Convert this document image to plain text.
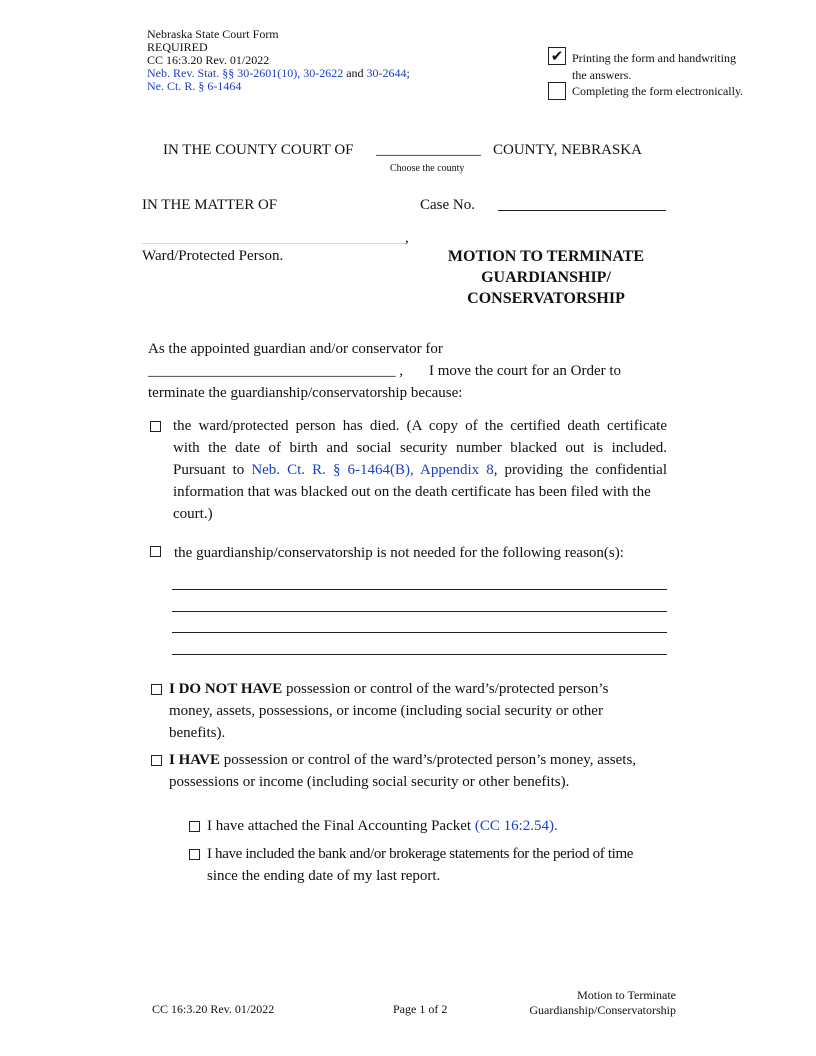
Nebraska State Court Form
REQUIRED
CC 16:3.20 Rev. 01/2022
Neb. Rev. Stat. §§ 30-2601(10), 30-2622 and 30-2644;
Ne. Ct. R. § 6-1464
✔ Printing the form and handwriting
the answers.
Completing the form electronically.
IN THE COUNTY COURT OF ______________ COUNTY, NEBRASKA
Choose the county
IN THE MATTER OF	Case No.
,
Ward/Protected Person.	MOTION TO TERMINATE
GUARDIANSHIP/
CONSERVATORSHIP
As the appointed guardian and/or conservator for
_________________________________ , I move the court for an Order to
terminate the guardianship/conservatorship because:
the ward/protected person has died. (A copy of the certified death certificate
with the date of birth and social security number blacked out is included.
Pursuant to Neb. Ct. R. § 6-1464(B), Appendix 8, providing the confidential
information that was blacked out on the death certificate has been filed with the
court.)
the guardianship/conservatorship is not needed for the following reason(s):
I DO NOT HAVE possession or control of the ward’s/protected person’s
money, assets, possessions, or income (including social security or other
benefits).
I HAVE possession or control of the ward’s/protected person’s money, assets,
possessions or income (including social security or other benefits).
I have attached the Final Accounting Packet (CC 16:2.54).
I have included the bank and/or brokerage statements for the period of time
since the ending date of my last report.
CC 16:3.20 Rev. 01/2022	Page 1 of 2
Motion to Terminate
Guardianship/Conservatorship
